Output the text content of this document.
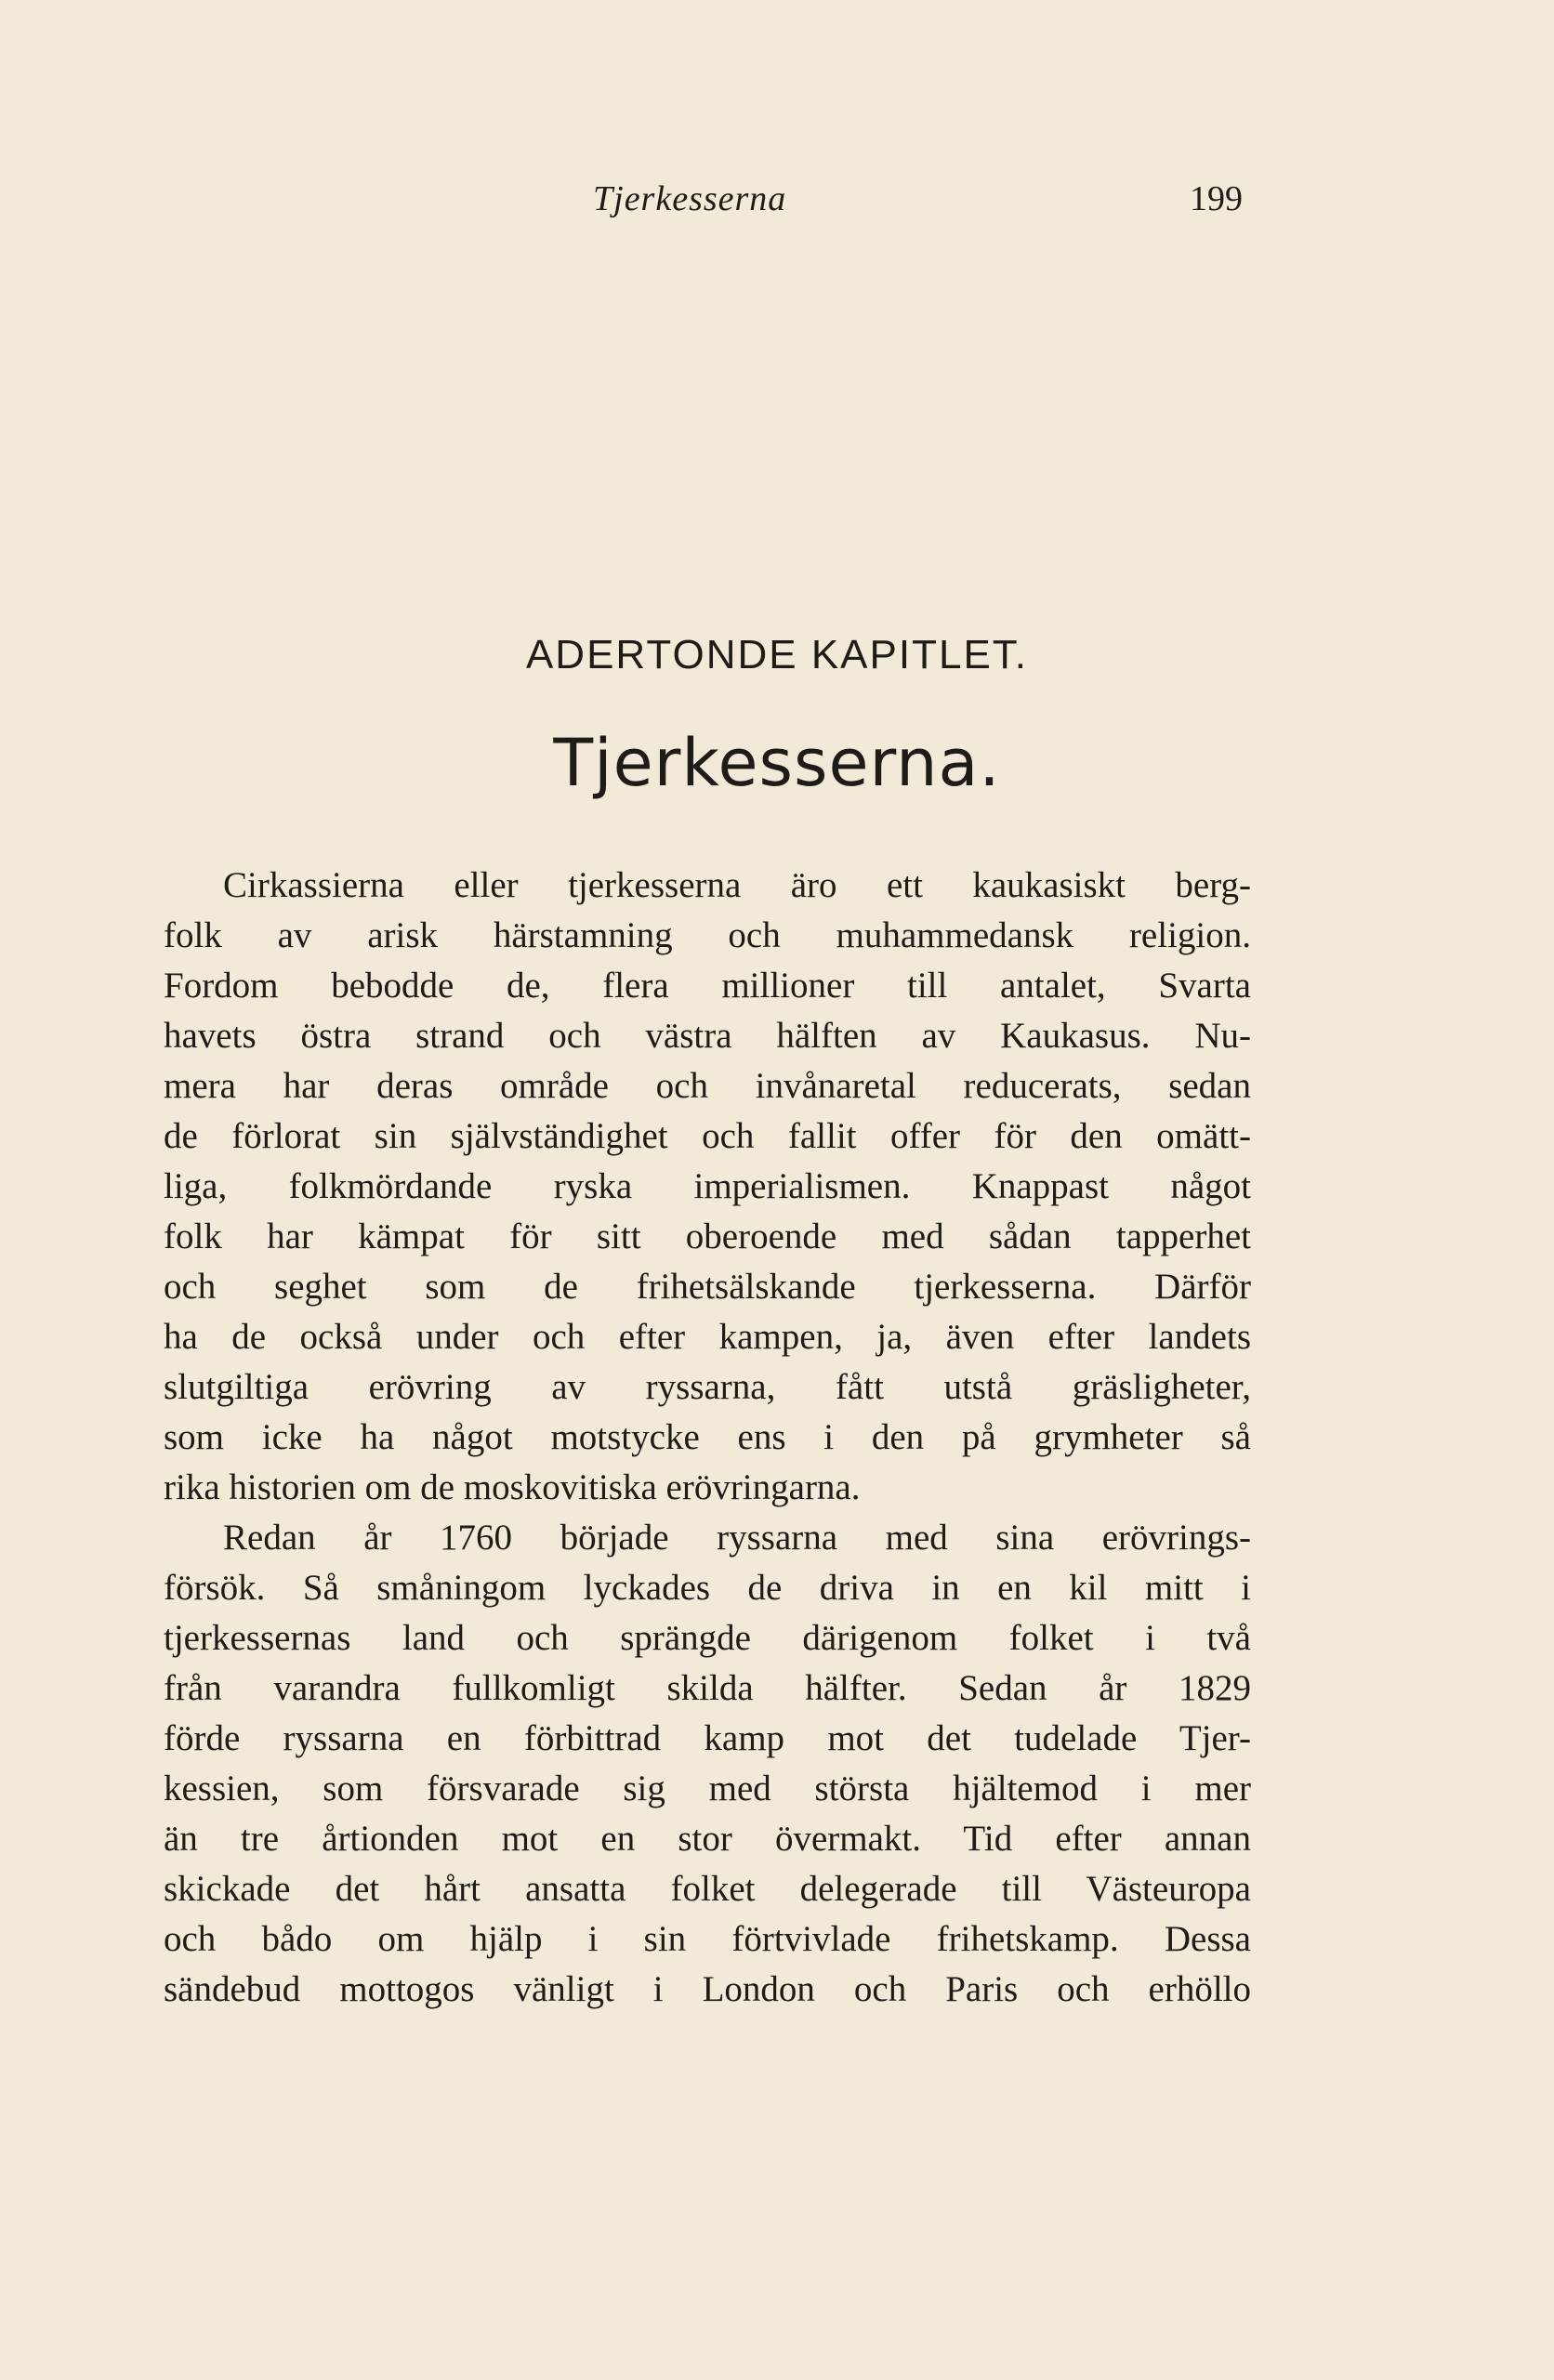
Tjerkesserna	199
ADERTONDE KAPITLET.
Tjerkesserna.
Cirkassierna eller tjerkesserna äro ett kaukasiskt berg-
folk av arisk härstamning och muhammedansk religion.
Fordom bebodde de, flera millioner till antalet, Svarta
havets östra strand och västra hälften av Kaukasus. Nu-
mera har deras område och invånaretal reducerats, sedan
de förlorat sin självständighet och fallit offer för den omätt-
liga, folkmördande ryska imperialismen. Knappast något
folk har kämpat för sitt oberoende med sådan tapperhet
och seghet som de frihetsälskande tjerkesserna. Därför
ha de också under och efter kampen, ja, även efter landets
slutgiltiga erövring av ryssarna, fått utstå gräsligheter,
som icke ha något motstycke ens i den på grymheter så
rika historien om de moskovitiska erövringarna.
Redan år 1760 började ryssarna med sina erövrings-
försök. Så småningom lyckades de driva in en kil mitt i
tjerkessernas land och sprängde därigenom folket i två
från varandra fullkomligt skilda hälfter. Sedan år 1829
förde ryssarna en förbittrad kamp mot det tudelade Tjer-
kessien, som försvarade sig med största hjältemod i mer
än tre årtionden mot en stor övermakt. Tid efter annan
skickade det hårt ansatta folket delegerade till Västeuropa
och bådo om hjälp i sin förtvivlade frihetskamp. Dessa
sändebud mottogos vänligt i London och Paris och erhöllo
